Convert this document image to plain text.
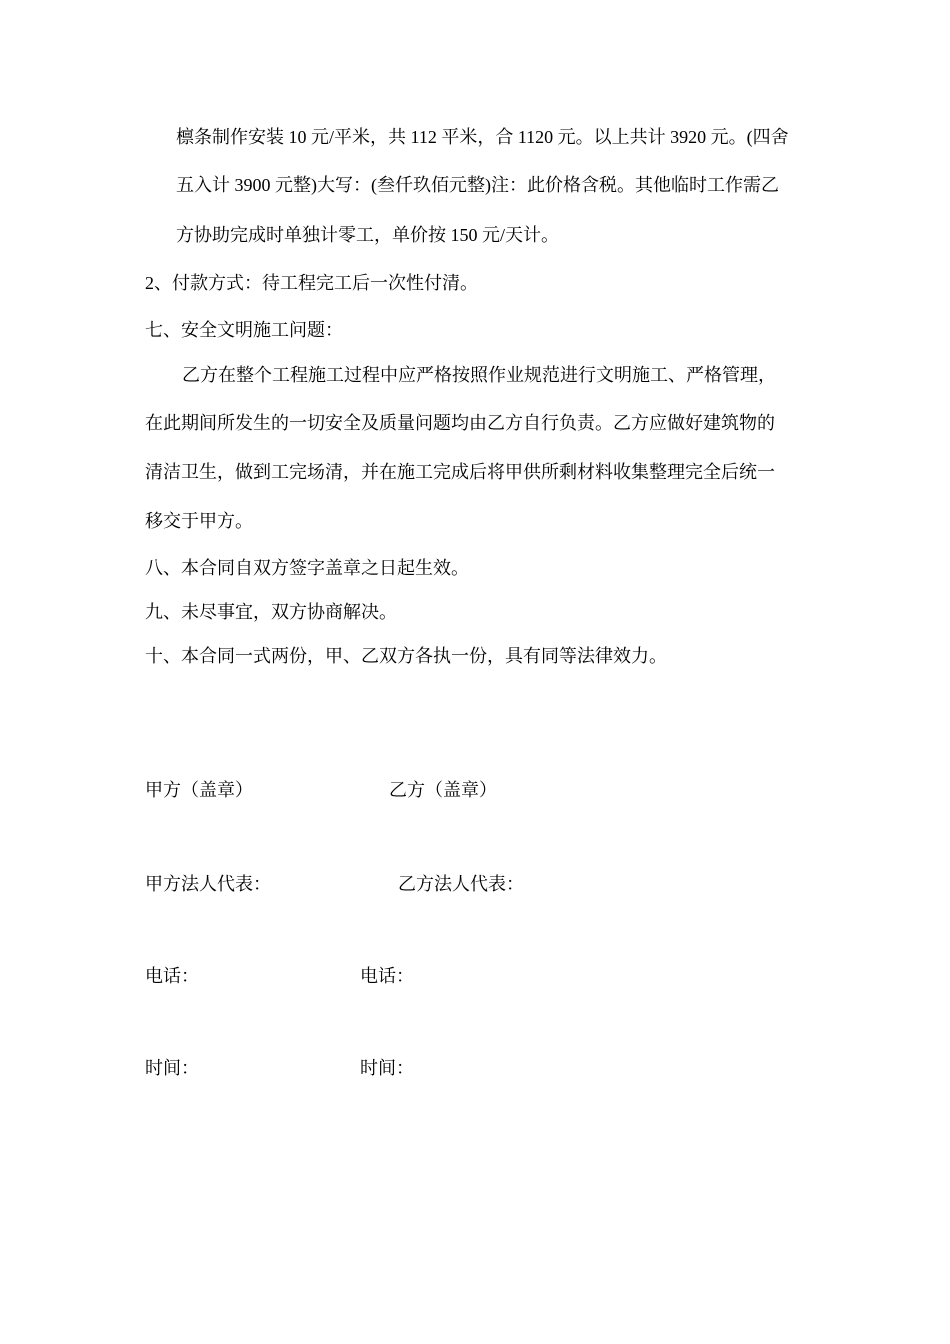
檩条制作安装 10 元/平米，共 112 平米，合 1120 元。以上共计 3920 元。(四舍
五入计 3900 元整)大写：(叁仟玖佰元整)注：此价格含税。其他临时工作需乙
方协助完成时单独计零工，单价按 150 元/天计。
2、付款方式：待工程完工后一次性付清。
七、安全文明施工问题：
乙方在整个工程施工过程中应严格按照作业规范进行文明施工、严格管理，
在此期间所发生的一切安全及质量问题均由乙方自行负责。乙方应做好建筑物的
清洁卫生，做到工完场清，并在施工完成后将甲供所剩材料收集整理完全后统一
移交于甲方。
八、本合同自双方签字盖章之日起生效。
九、未尽事宜，双方协商解决。
十、本合同一式两份，甲、乙双方各执一份，具有同等法律效力。
甲方（盖章）	乙方（盖章）
甲方法人代表：	乙方法人代表：
电话：	电话：
时间：	时间：
